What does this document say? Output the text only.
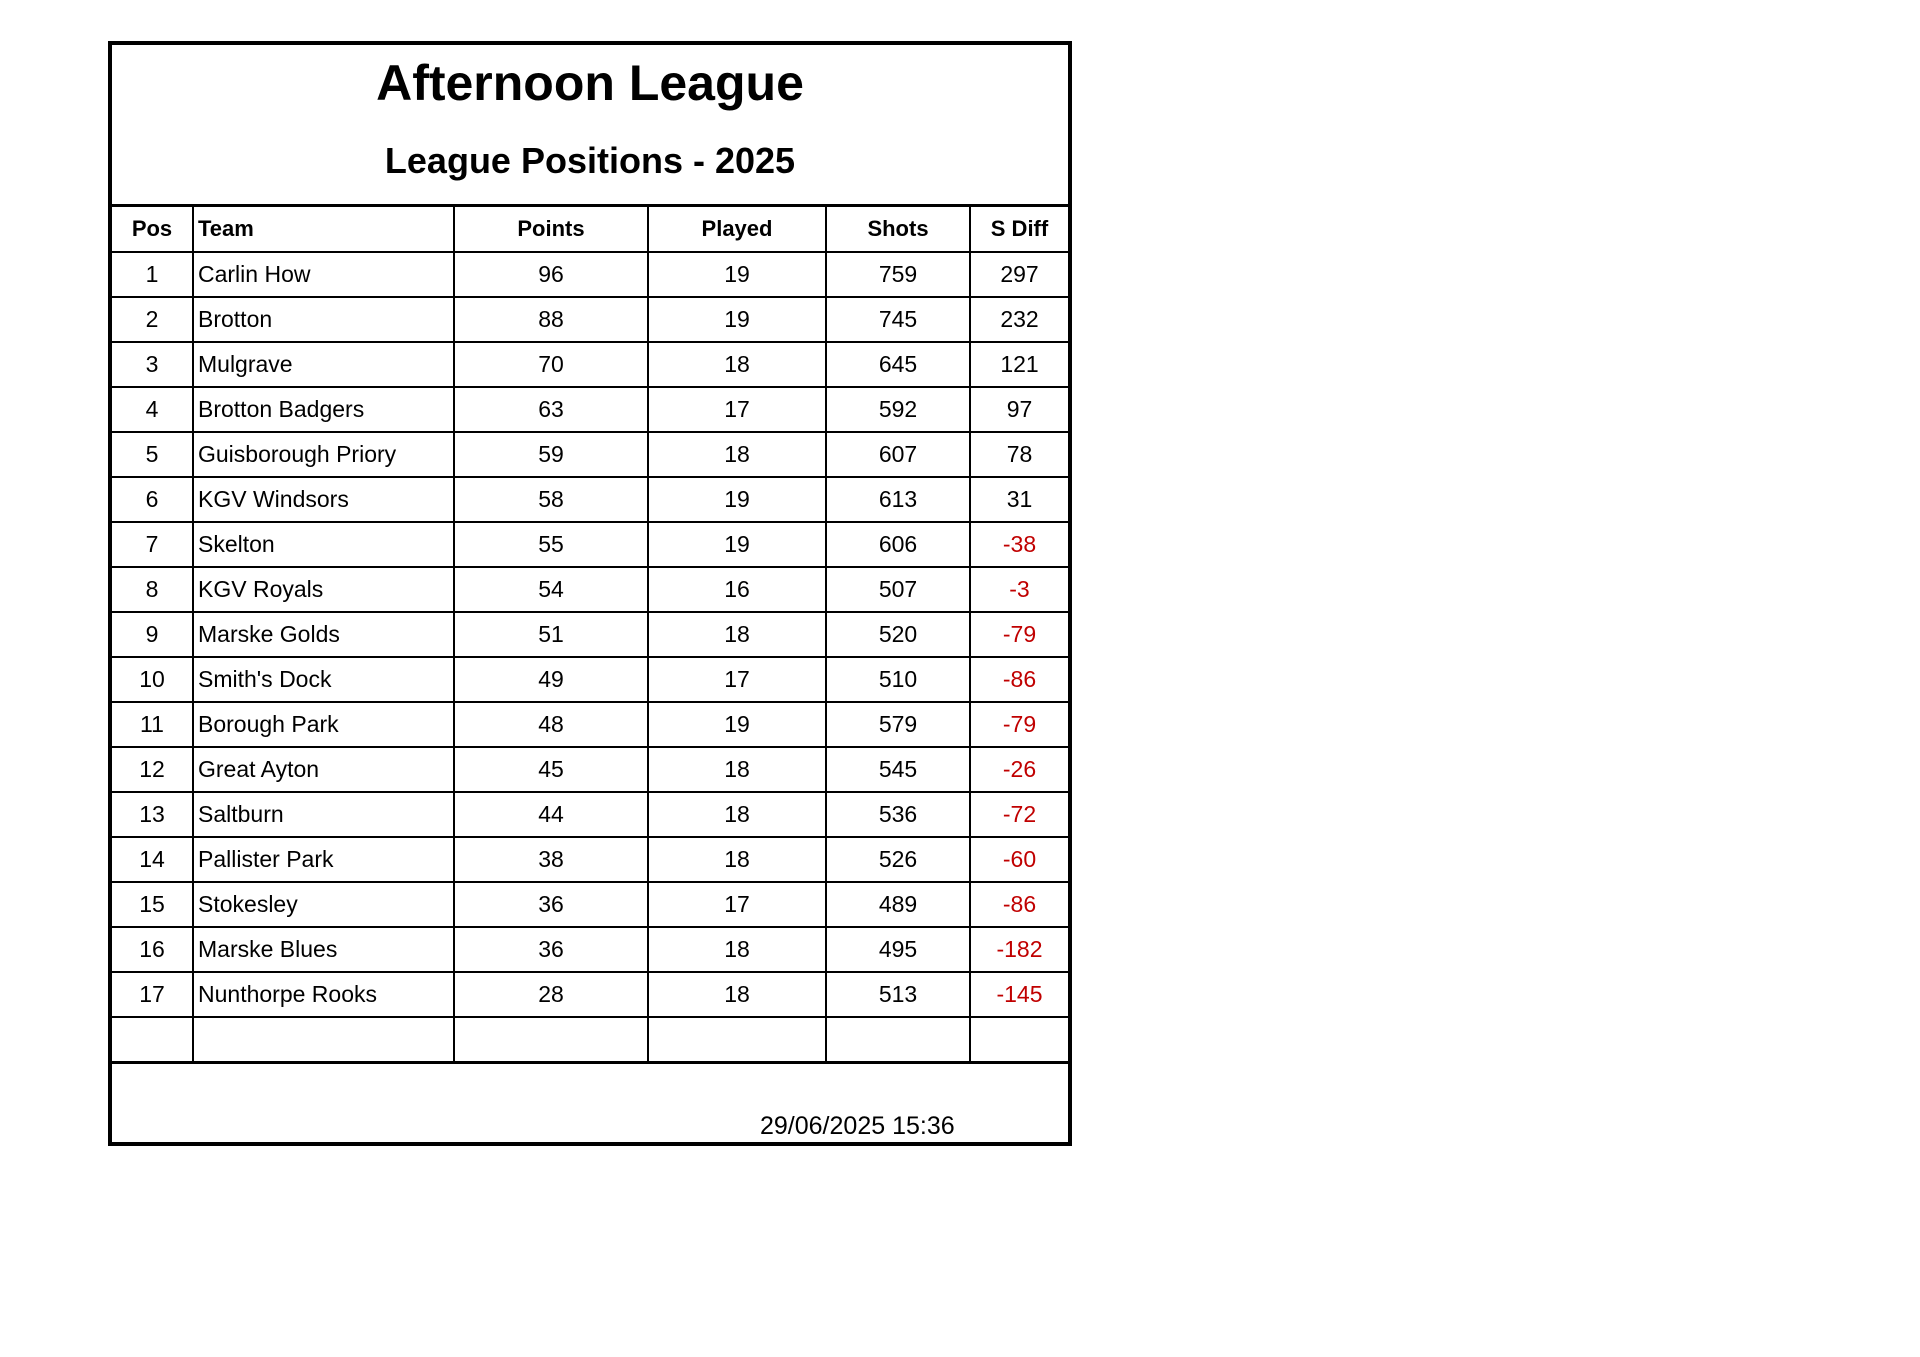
Afternoon League
League Positions - 2025
Pos	Team	Points	Played	Shots	S Diff
1	Carlin How	96	19	759	297
2	Brotton	88	19	745	232
3	Mulgrave	70	18	645	121
4	Brotton Badgers	63	17	592	97
5	Guisborough Priory	59	18	607	78
6	KGV Windsors	58	19	613	31
7	Skelton	55	19	606	-38
8	KGV Royals	54	16	507	-3
9	Marske Golds	51	18	520	-79
10	Smith's Dock	49	17	510	-86
11	Borough Park	48	19	579	-79
12	Great Ayton	45	18	545	-26
13	Saltburn	44	18	536	-72
14	Pallister Park	38	18	526	-60
15	Stokesley	36	17	489	-86
16	Marske Blues	36	18	495	-182
17	Nunthorpe Rooks	28	18	513	-145

29/06/2025 15:36
